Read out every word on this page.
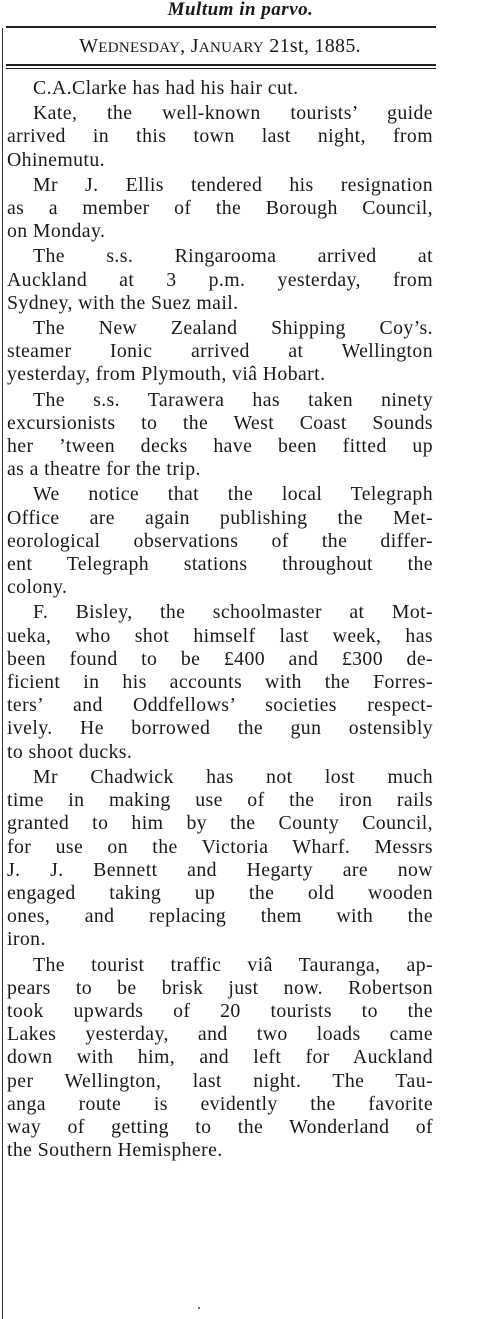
Multum in parvo.
WEDNESDAY, JANUARY 21st, 1885.

C.A.Clarke has had his hair cut.

Kate, the well-known tourists’ guide
arrived in this town last night, from
Ohinemutu.

Mr J. Ellis tendered his resignation
as a member of the Borough Council,
on Monday.

The s.s. Ringarooma arrived at
Auckland at 3 p.m. yesterday, from
Sydney, with the Suez mail.

The New Zealand Shipping Coy’s.
steamer Ionic arrived at Wellington
yesterday, from Plymouth, viâ Hobart.

The s.s. Tarawera has taken ninety
excursionists to the West Coast Sounds
her ’tween decks have been fitted up
as a theatre for the trip.

We notice that the local Telegraph
Office are again publishing the Met-
eorological observations of the differ-
ent Telegraph stations throughout the
colony.

F. Bisley, the schoolmaster at Mot-
ueka, who shot himself last week, has
been found to be £400 and £300 de-
ficient in his accounts with the Forres-
ters’ and Oddfellows’ societies respect-
ively. He borrowed the gun ostensibly
to shoot ducks.

Mr Chadwick has not lost much
time in making use of the iron rails
granted to him by the County Council,
for use on the Victoria Wharf. Messrs
J. J. Bennett and Hegarty are now
engaged taking up the old wooden
ones, and replacing them with the
iron.

The tourist traffic viâ Tauranga, ap-
pears to be brisk just now. Robertson
took upwards of 20 tourists to the
Lakes yesterday, and two loads came
down with him, and left for Auckland
per Wellington, last night. The Tau-
anga route is evidently the favorite
way of getting to the Wonderland of
the Southern Hemisphere.
